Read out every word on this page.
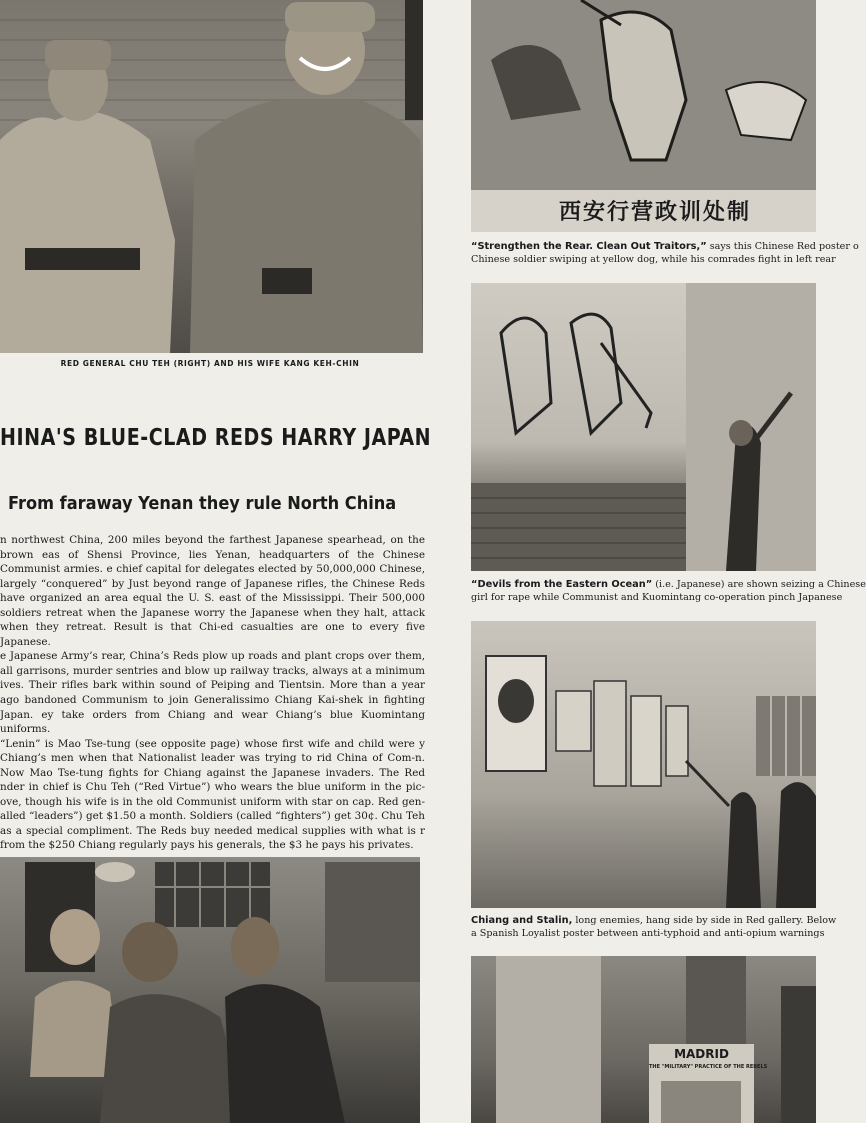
RED GENERAL CHU TEH (RIGHT) AND HIS WIFE KANG KEH-CHIN
HINA'S BLUE-CLAD REDS HARRY JAPAN
From faraway Yenan they rule North China

n northwest China, 200 miles beyond the farthest Japanese spearhead, on the brown eas of Shensi Province, lies Yenan, headquarters of the Chinese Communist armies. e chief capital for delegates elected by 50,000,000 Chinese, largely “conquered” by Just beyond range of Japanese rifles, the Chinese Reds have organized an area equal the U. S. east of the Mississippi. Their 500,000 soldiers retreat when the Japanese worry the Japanese when they halt, attack when they retreat. Result is that Chi-ed casualties are one to every five Japanese.

e Japanese Army’s rear, China’s Reds plow up roads and plant crops over them, all garrisons, murder sentries and blow up railway tracks, always at a minimum ives. Their rifles bark within sound of Peiping and Tientsin. More than a year ago bandoned Communism to join Generalissimo Chiang Kai-shek in fighting Japan. ey take orders from Chiang and wear Chiang’s blue Kuomintang uniforms.

“Lenin” is Mao Tse-tung (see opposite page) whose first wife and child were y Chiang’s men when that Nationalist leader was trying to rid China of Com-n. Now Mao Tse-tung fights for Chiang against the Japanese invaders. The Red nder in chief is Chu Teh (“Red Virtue”) who wears the blue uniform in the pic-ove, though his wife is in the old Communist uniform with star on cap. Red gen-alled “leaders”) get $1.50 a month. Soldiers (called “fighters”) get 30¢. Chu Teh as a special compliment. The Reds buy needed medical supplies with what is r from the $250 Chiang regularly pays his generals, the $3 he pays his privates.

西安行营政训处制
“Strengthen the Rear. Clean Out Traitors,” says this Chinese Red poster o
Chinese soldier swiping at yellow dog, while his comrades fight in left rear
“Devils from the Eastern Ocean” (i.e. Japanese) are shown seizing a Chinese
girl for rape while Communist and Kuomintang co-operation pinch Japanese
Chiang and Stalin, long enemies, hang side by side in Red gallery. Below
a Spanish Loyalist poster between anti-typhoid and anti-opium warnings
MADRID
THE "MILITARY" PRACTICE OF THE REBELS
